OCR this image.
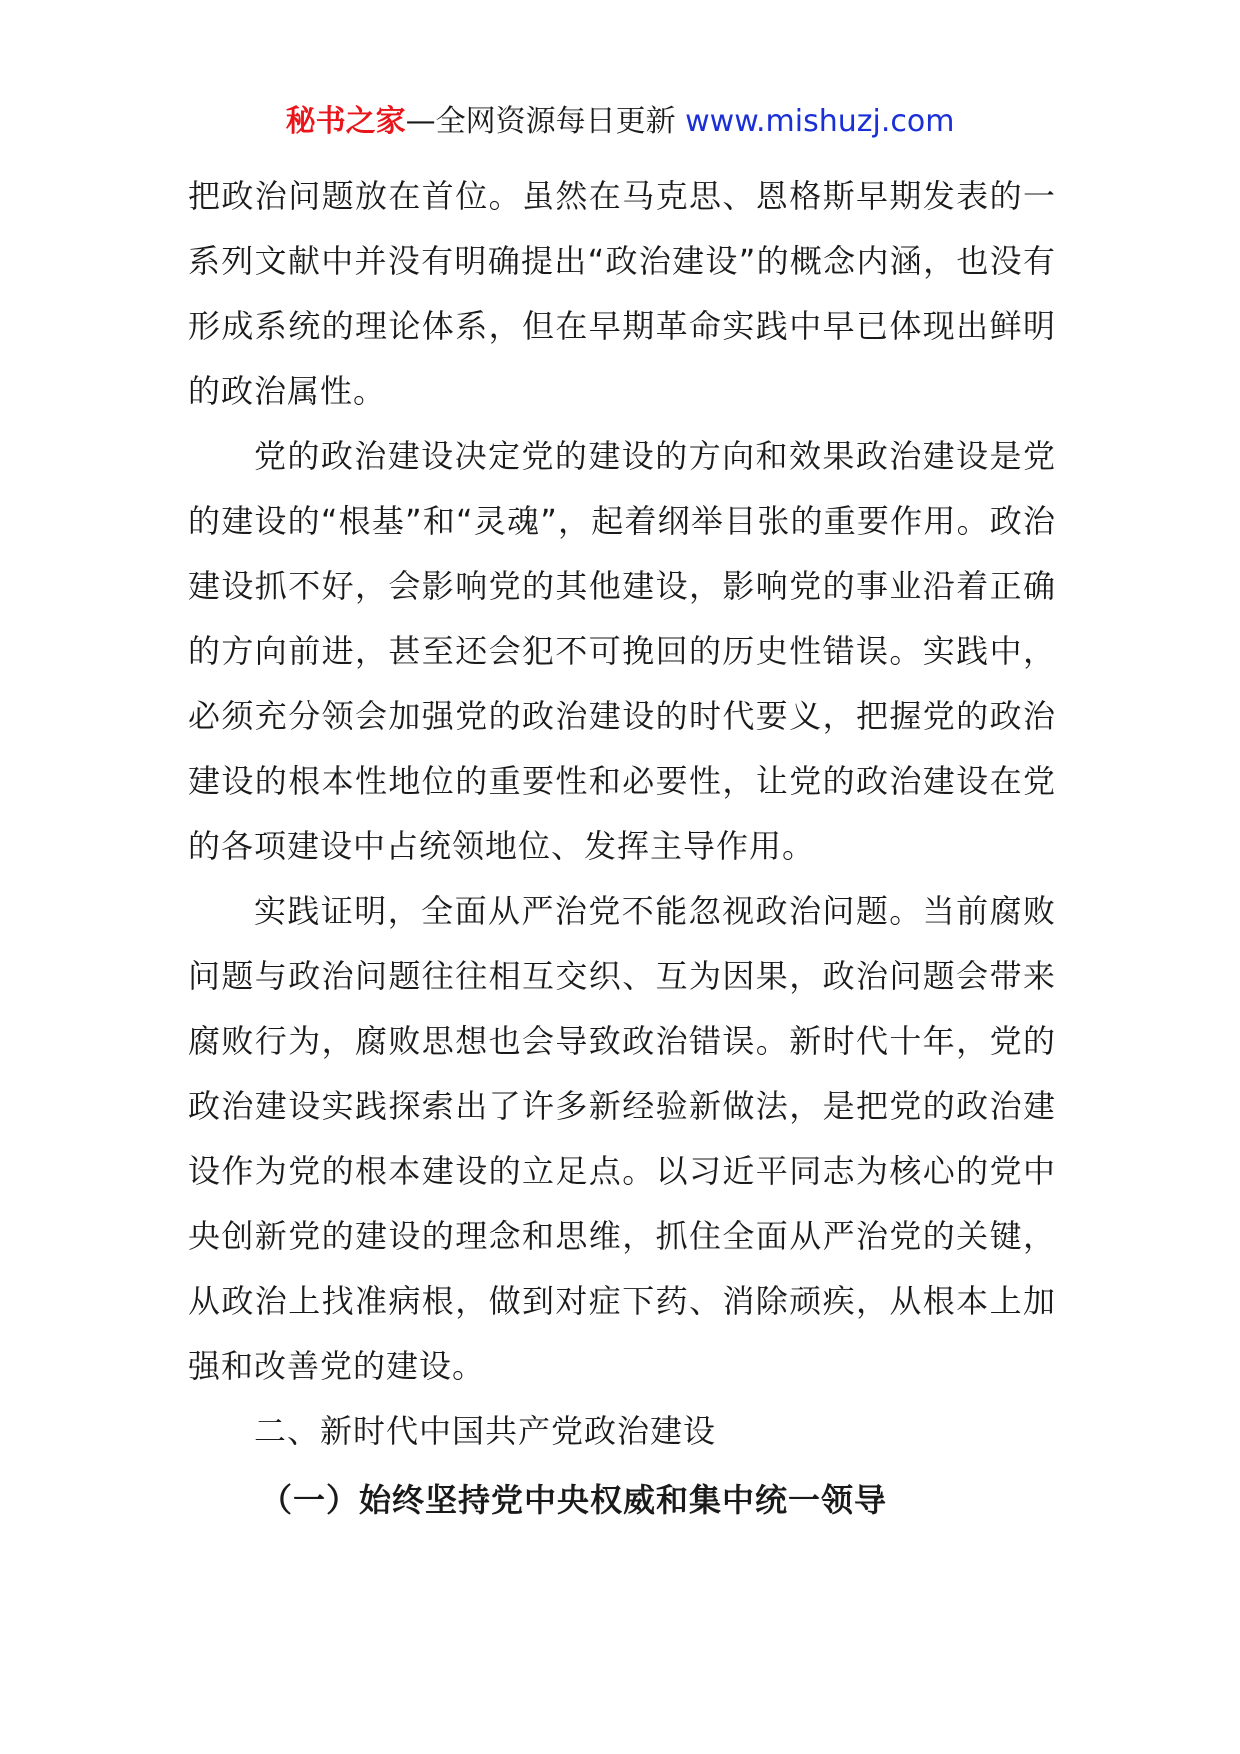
秘书之家—全网资源每日更新 www.mishuzj.com

把政治问题放在首位。虽然在马克思、恩格斯早期发表的一系列文献中并没有明确提出“政治建设”的概念内涵，也没有形成系统的理论体系，但在早期革命实践中早已体现出鲜明的政治属性。

党的政治建设决定党的建设的方向和效果政治建设是党的建设的“根基”和“灵魂”，起着纲举目张的重要作用。政治建设抓不好，会影响党的其他建设，影响党的事业沿着正确的方向前进，甚至还会犯不可挽回的历史性错误。实践中，必须充分领会加强党的政治建设的时代要义，把握党的政治建设的根本性地位的重要性和必要性，让党的政治建设在党的各项建设中占统领地位、发挥主导作用。

实践证明，全面从严治党不能忽视政治问题。当前腐败问题与政治问题往往相互交织、互为因果，政治问题会带来腐败行为，腐败思想也会导致政治错误。新时代十年，党的政治建设实践探索出了许多新经验新做法，是把党的政治建设作为党的根本建设的立足点。以习近平同志为核心的党中央创新党的建设的理念和思维，抓住全面从严治党的关键，从政治上找准病根，做到对症下药、消除顽疾，从根本上加强和改善党的建设。

二、新时代中国共产党政治建设

（一）始终坚持党中央权威和集中统一领导
